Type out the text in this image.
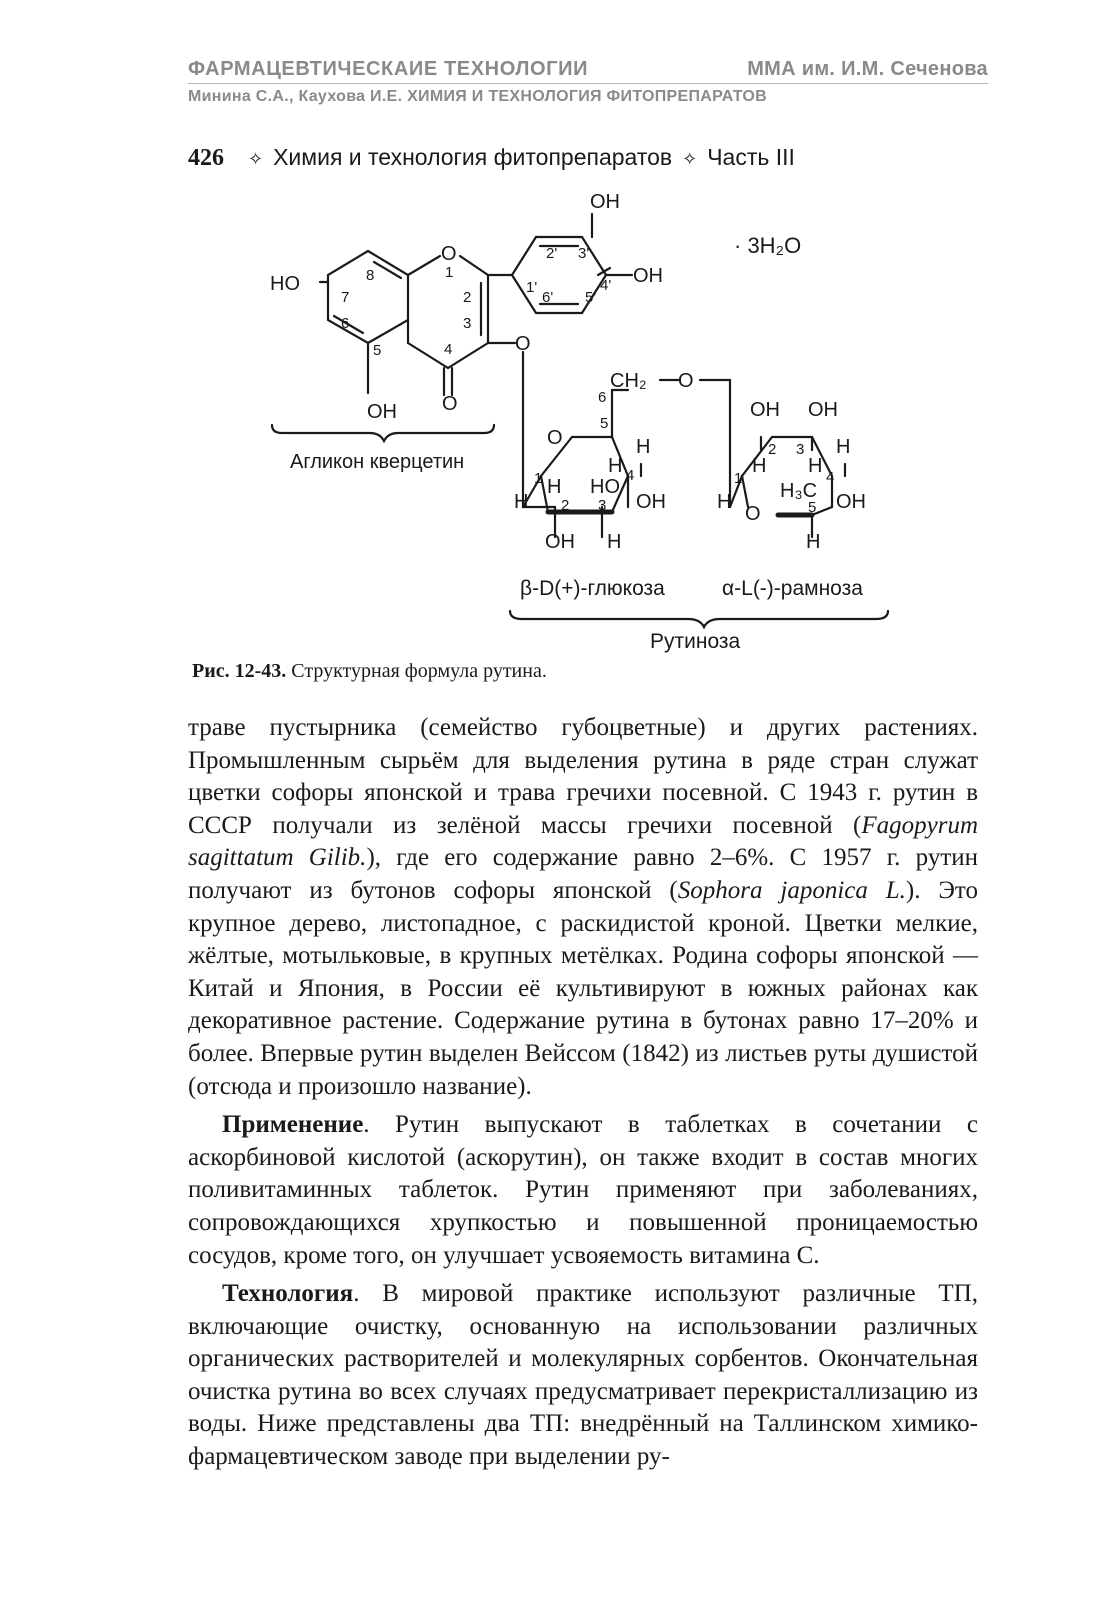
ФАРМАЦЕВТИЧЕСКАИЕ ТЕХНОЛОГИИ	ММА им. И.М. Сеченова
Минина С.А., Каухова И.Е. ХИМИЯ И ТЕХНОЛОГИЯ ФИТОПРЕПАРАТОВ
426 ✧ Химия и технология фитопрепаратов ✧ Часть III
OH
HO
O
OH
O
O
OH
CH₂ O
O	H
H
H HO
H	OH
OH H
OH OH
H
H H
H₃C
H
O
OH
H
8
7
6
5
1
2
3
4
2' 3'
4'
1'
6' 5'
6
5
4
1
2 3
2 3
4
1
5
· 3H₂O
Агликон кверцетин
β-D(+)-глюкоза	α-L(-)-рамноза
Рутиноза
Рис. 12-43. Структурная формула рутина.

траве пустырника (семейство губоцветные) и других растениях. Промышленным сырьём для выделения рутина в ряде стран служат цветки софоры японской и трава гречихи посевной. С 1943 г. рутин в СССР получали из зелёной массы гречихи посевной (Fagopyrum sagittatum Gilib.), где его содержание равно 2–6%. С 1957 г. рутин получают из бутонов софоры японской (Sophora japonica L.). Это крупное дерево, листопадное, с раскидистой кроной. Цветки мелкие, жёлтые, мотыльковые, в крупных метёлках. Родина софоры японской — Китай и Япония, в России её культивируют в южных районах как декоративное растение. Содержание рутина в бутонах равно 17–20% и более. Впервые рутин выделен Вейссом (1842) из листьев руты душистой (отсюда и произошло название).

Применение. Рутин выпускают в таблетках в сочетании с аскорбиновой кислотой (аскорутин), он также входит в состав многих поливитаминных таблеток. Рутин применяют при заболеваниях, сопровождающихся хрупкостью и повышенной проницаемостью сосудов, кроме того, он улучшает усвояемость витамина С.

Технология. В мировой практике используют различные ТП, включающие очистку, основанную на использовании различных органических растворителей и молекулярных сорбентов. Окончательная очистка рутина во всех случаях предусматривает перекристаллизацию из воды. Ниже представлены два ТП: внедрённый на Таллинском химико-фармацевтическом заводе при выделении ру-
